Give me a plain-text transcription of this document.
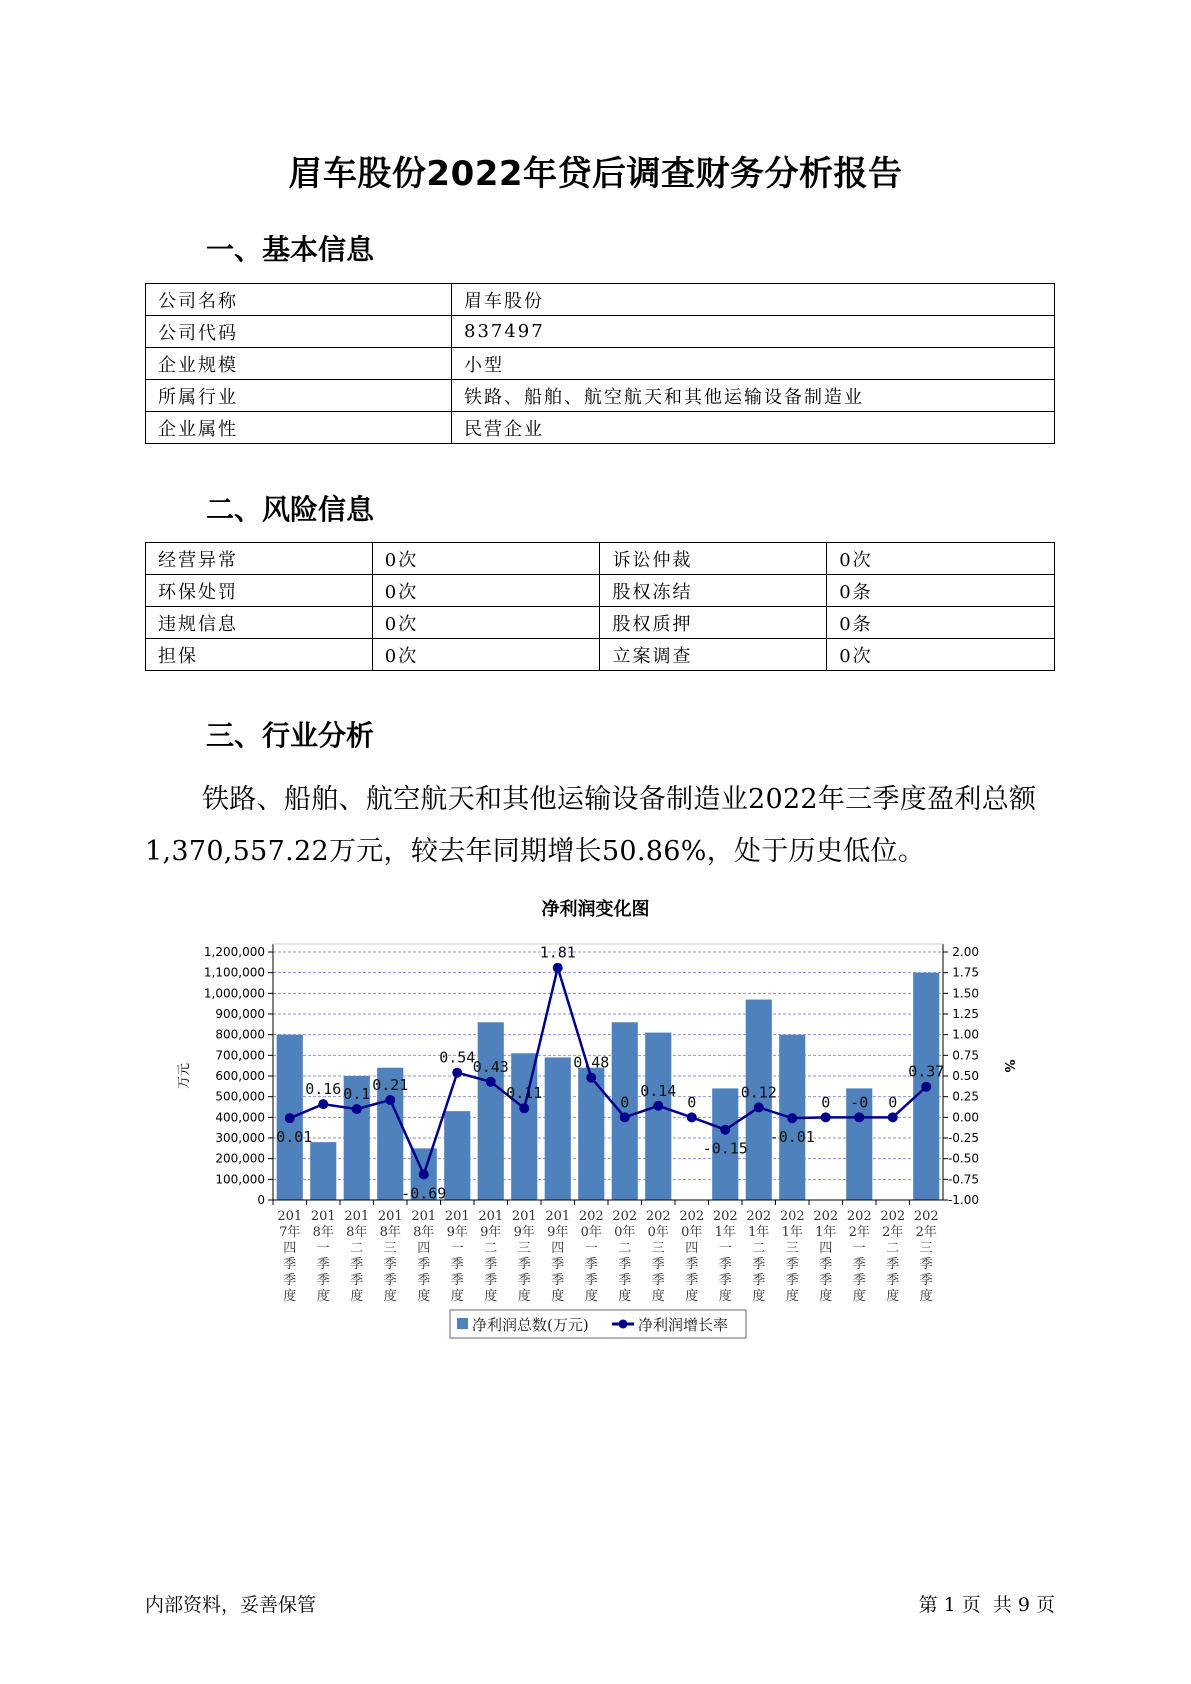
眉车股份2022年贷后调查财务分析报告
一、基本信息
公司名称	眉车股份
公司代码	837497
企业规模	小型
所属行业	铁路、船舶、航空航天和其他运输设备制造业
企业属性	民营企业
二、风险信息
经营异常	0次	诉讼仲裁	0次
环保处罚	0次	股权冻结	0条
违规信息	0次	股权质押	0条
担保	0次	立案调查	0次
三、行业分析
铁路、船舶、航空航天和其他运输设备制造业2022年三季度盈利总额1,370,557.22万元，较去年同期增长50.86%，处于历史低位。
净利润变化图
0
100,000
200,000
300,000
400,000
500,000
600,000
700,000
800,000
900,000
1,000,000
1,100,000
1,200,000
-1.00
-0.75
-0.50
-0.25
0.00
0.25
0.50
0.75
1.00
1.25
1.50
1.75
2.00
201 7年四季季度
201 8年一季季度
201 8年二季季度
201 8年三季季度
201 8年四季季度
201 9年一季季度
201 9年二季季度
201 9年三季季度
201 9年四季季度
202 0年一季季度
202 0年二季季度
202 0年三季季度
202 0年四季季度
202 1年一季季度
202 1年二季季度
202 1年三季季度
202 1年四季季度
202 2年一季季度
202 2年二季季度
202 2年三季季度
-0.01
0.16 0.1
0.21
-0.69
0.54
0.43
0.11
1.81
0.48
0
0.14
0
-0.15
0.12
-0.01
0 -0 0
0.37
万元	%
净利润总数(万元)	净利润增长率
内部资料，妥善保管	第 1 页  共 9 页
